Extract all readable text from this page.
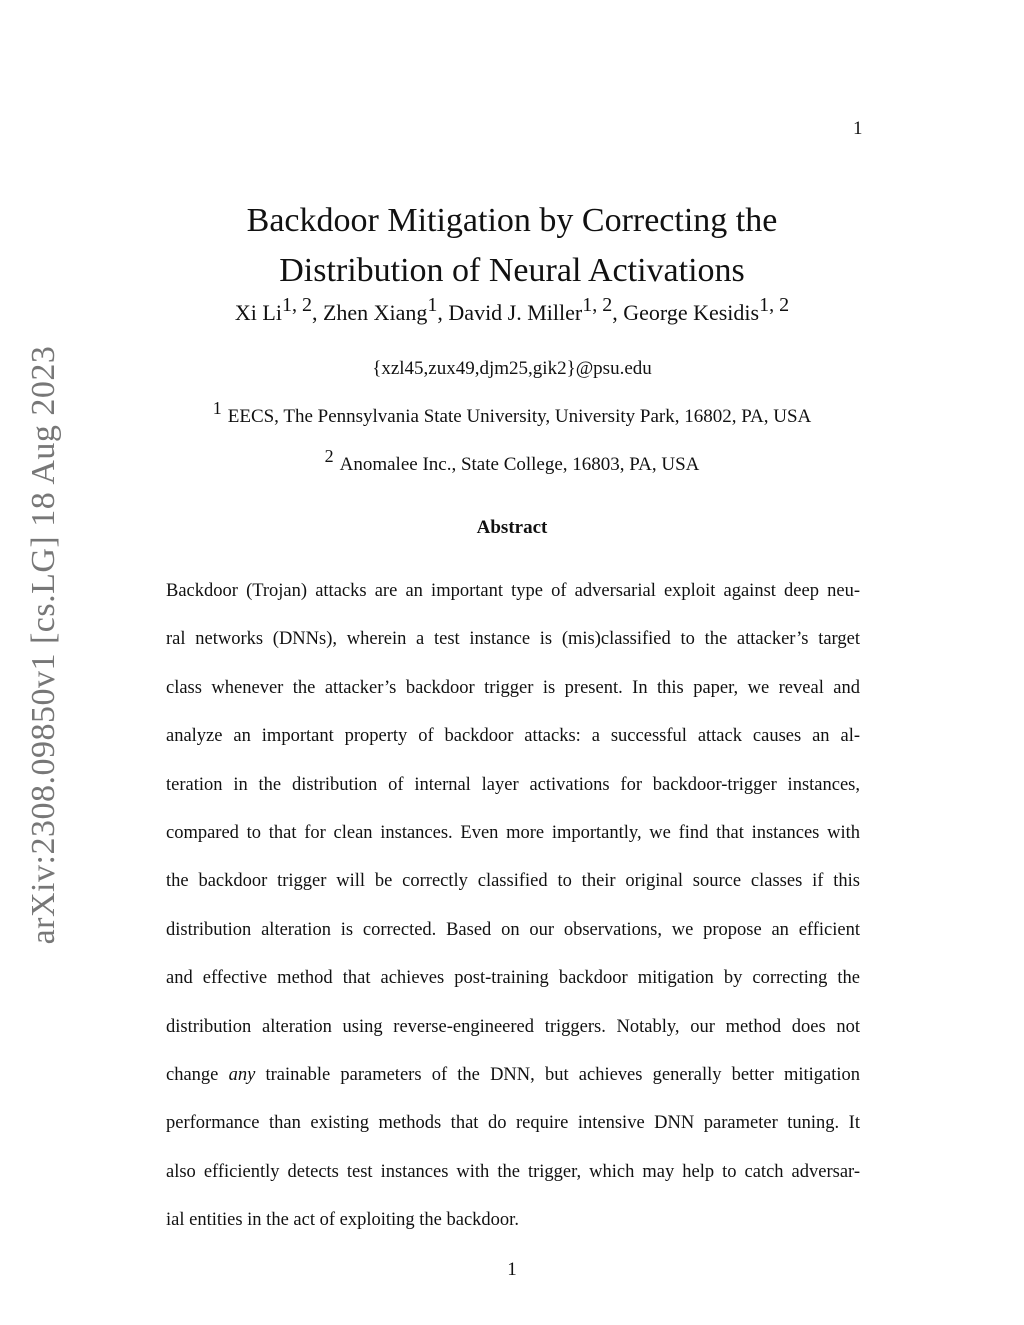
1
arXiv:2308.09850v1 [cs.LG] 18 Aug 2023
Backdoor Mitigation by Correcting the
Distribution of Neural Activations
Xi Li$^{1, 2}$, Zhen Xiang$^1$, David J. Miller$^{1, 2}$, George Kesidis$^{1, 2}$
{xzl45,zux49,djm25,gik2}@psu.edu
$^1$ EECS, The Pennsylvania State University, University Park, 16802, PA, USA
$^2$ Anomalee Inc., State College, 16803, PA, USA
Abstract
Backdoor (Trojan) attacks are an important type of adversarial exploit against deep neu-
ral networks (DNNs), wherein a test instance is (mis)classified to the attacker’s target
class whenever the attacker’s backdoor trigger is present. In this paper, we reveal and
analyze an important property of backdoor attacks: a successful attack causes an al-
teration in the distribution of internal layer activations for backdoor-trigger instances,
compared to that for clean instances. Even more importantly, we find that instances with
the backdoor trigger will be correctly classified to their original source classes if this
distribution alteration is corrected. Based on our observations, we propose an efficient
and effective method that achieves post-training backdoor mitigation by correcting the
distribution alteration using reverse-engineered triggers. Notably, our method does not
change any trainable parameters of the DNN, but achieves generally better mitigation
performance than existing methods that do require intensive DNN parameter tuning. It
also efficiently detects test instances with the trigger, which may help to catch adversar-
ial entities in the act of exploiting the backdoor.
1
